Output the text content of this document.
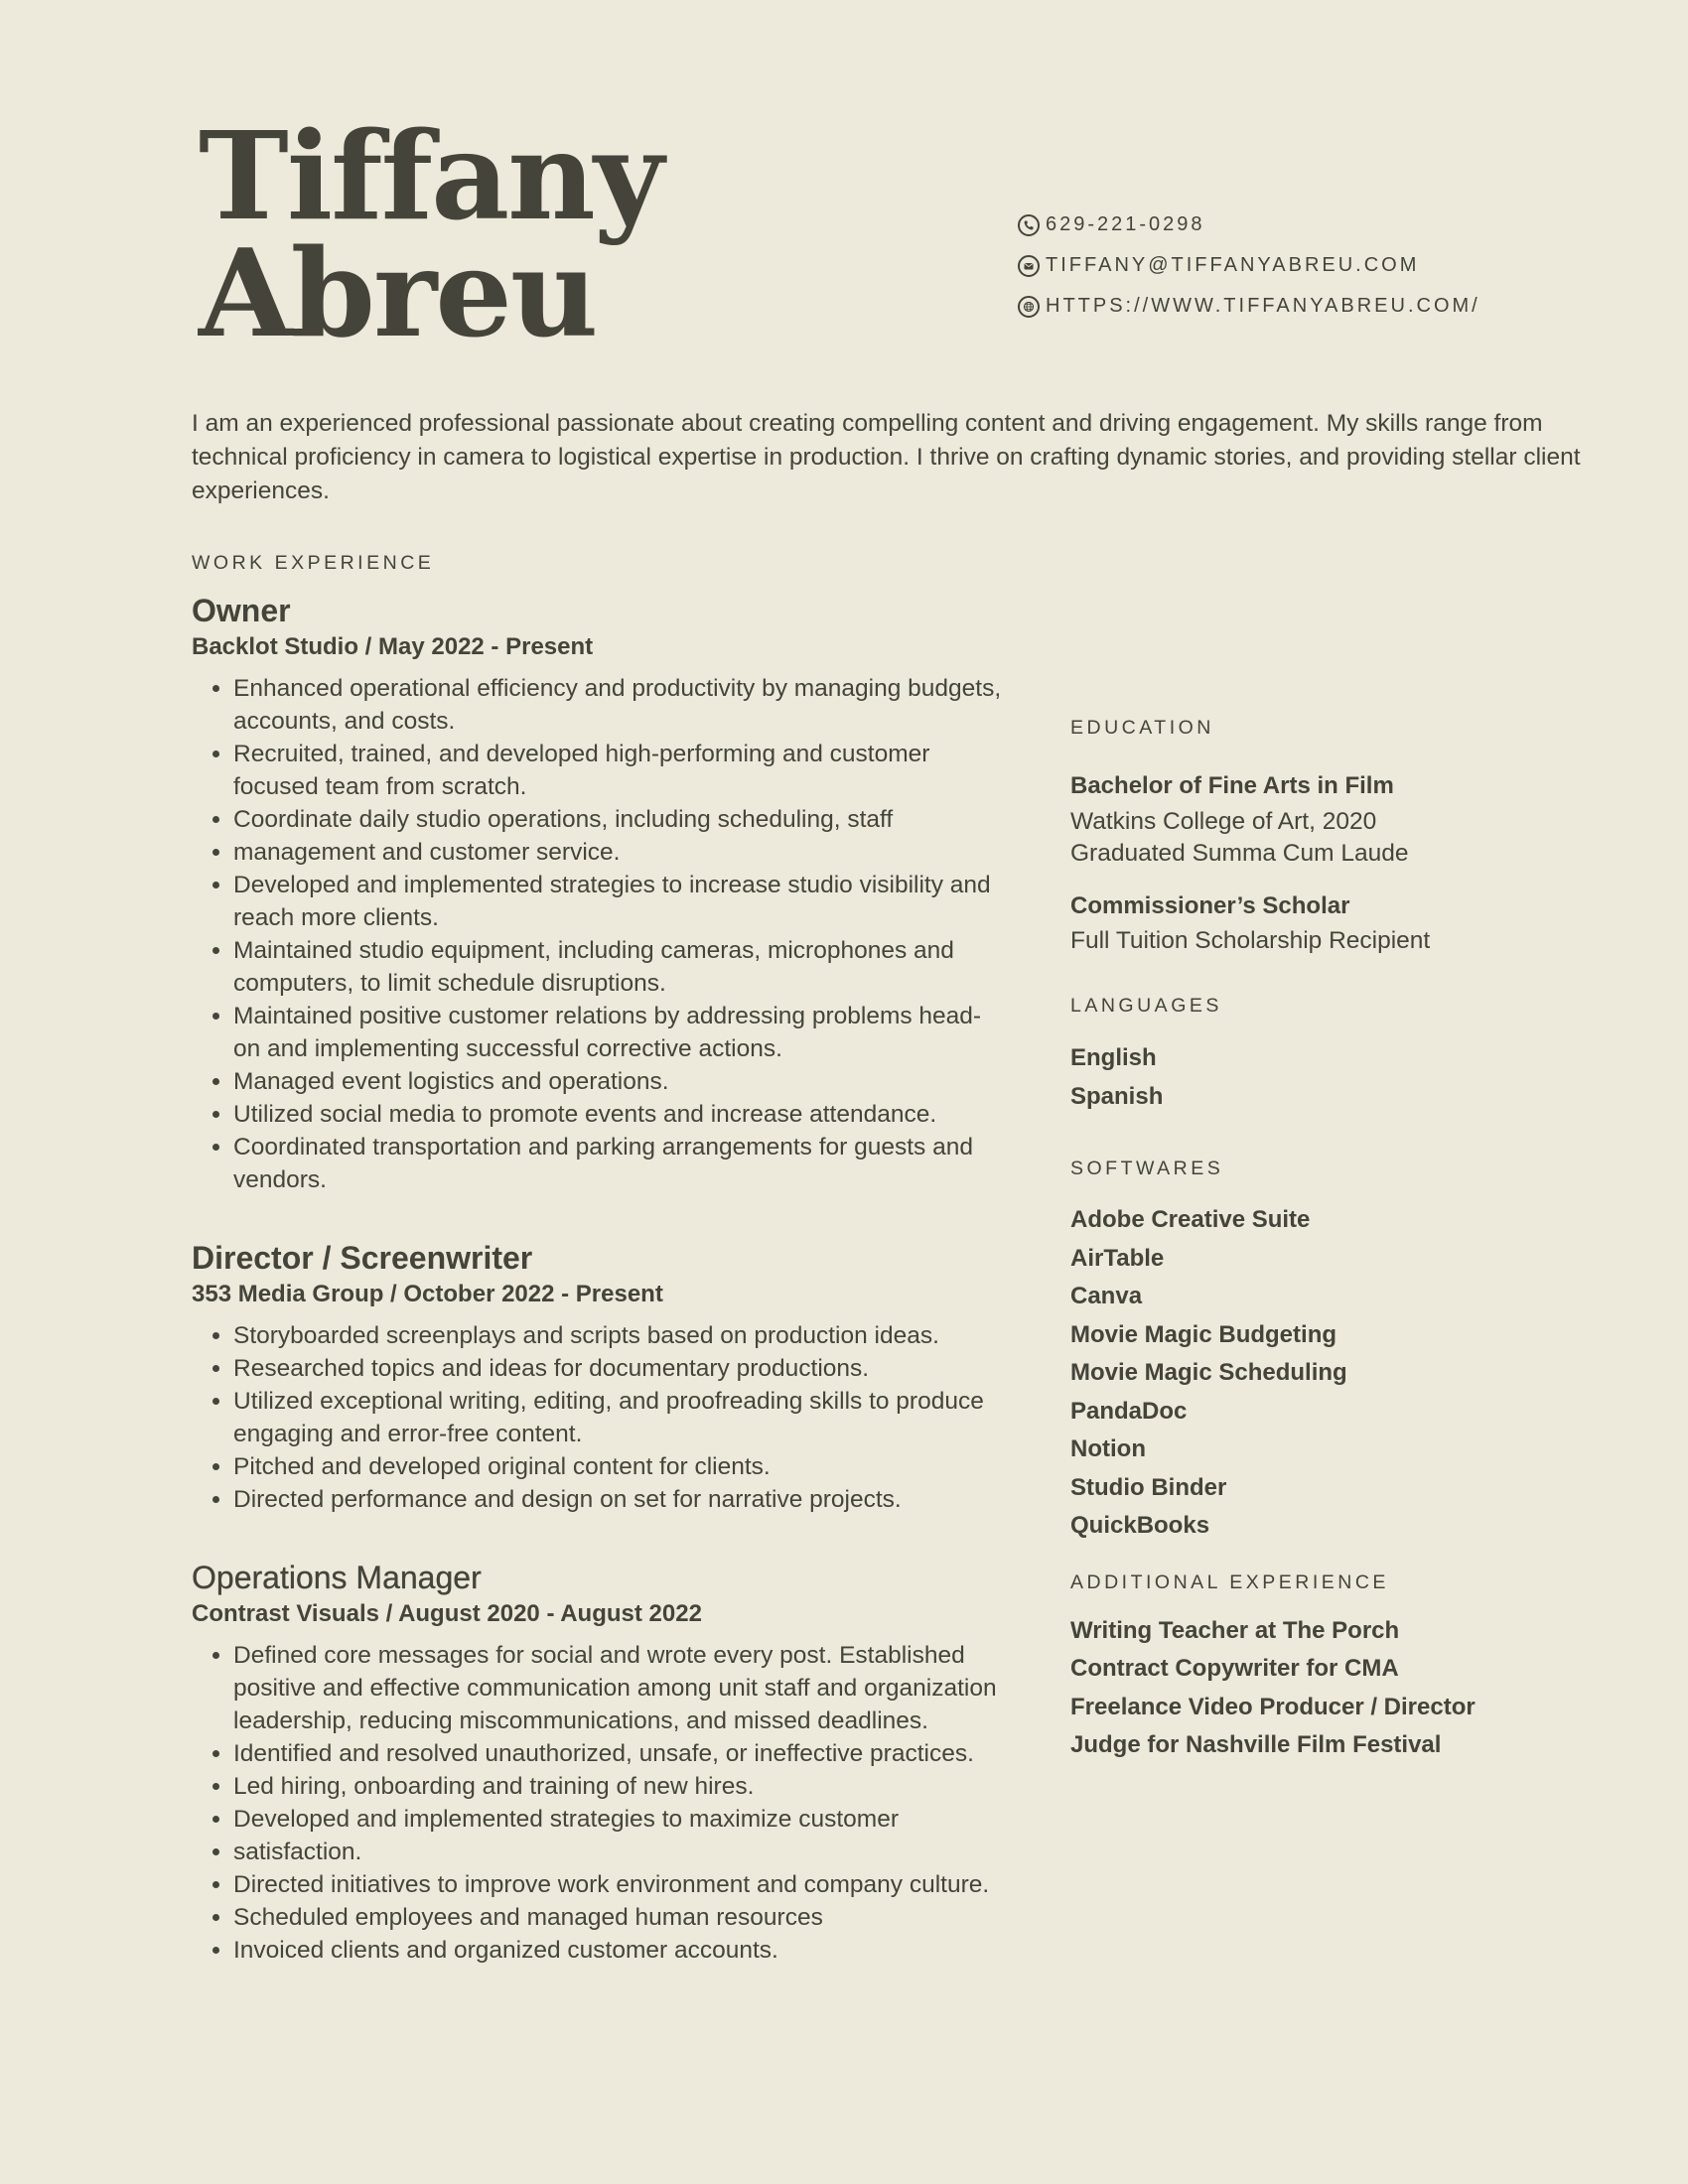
Tiffany
Abreu	629-221-0298
TIFFANY@TIFFANYABREU.COM
HTTPS://WWW.TIFFANYABREU.COM/

I am an experienced professional passionate about creating compelling content and driving engagement. My skills range from technical proficiency in camera to logistical expertise in production. I thrive on crafting dynamic stories, and providing stellar client experiences.

WORK EXPERIENCE

Owner

Backlot Studio / May 2022 - Present

• Enhanced operational efficiency and productivity by managing budgets, accounts, and costs.
• Recruited, trained, and developed high-performing and customer focused team from scratch.
• Coordinate daily studio operations, including scheduling, staff
• management and customer service.
• Developed and implemented strategies to increase studio visibility and reach more clients.
• Maintained studio equipment, including cameras, microphones and computers, to limit schedule disruptions.
• Maintained positive customer relations by addressing problems head-on and implementing successful corrective actions.
• Managed event logistics and operations.
• Utilized social media to promote events and increase attendance.
• Coordinated transportation and parking arrangements for guests and vendors.

Director / Screenwriter

353 Media Group / October 2022 - Present

• Storyboarded screenplays and scripts based on production ideas.
• Researched topics and ideas for documentary productions.
• Utilized exceptional writing, editing, and proofreading skills to produce engaging and error-free content.
• Pitched and developed original content for clients.
• Directed performance and design on set for narrative projects.

Operations Manager

Contrast Visuals / August 2020 - August 2022

• Defined core messages for social and wrote every post. Established positive and effective communication among unit staff and organization leadership, reducing miscommunications, and missed deadlines.
• Identified and resolved unauthorized, unsafe, or ineffective practices.
• Led hiring, onboarding and training of new hires.
• Developed and implemented strategies to maximize customer
• satisfaction.
• Directed initiatives to improve work environment and company culture.
• Scheduled employees and managed human resources
• Invoiced clients and organized customer accounts.

EDUCATION

Bachelor of Fine Arts in Film
Watkins College of Art, 2020
Graduated Summa Cum Laude
Commissioner’s Scholar
Full Tuition Scholarship Recipient

LANGUAGES

English
Spanish

SOFTWARES

Adobe Creative Suite
AirTable
Canva
Movie Magic Budgeting
Movie Magic Scheduling
PandaDoc
Notion
Studio Binder
QuickBooks

ADDITIONAL EXPERIENCE

Writing Teacher at The Porch
Contract Copywriter for CMA
Freelance Video Producer / Director
Judge for Nashville Film Festival
